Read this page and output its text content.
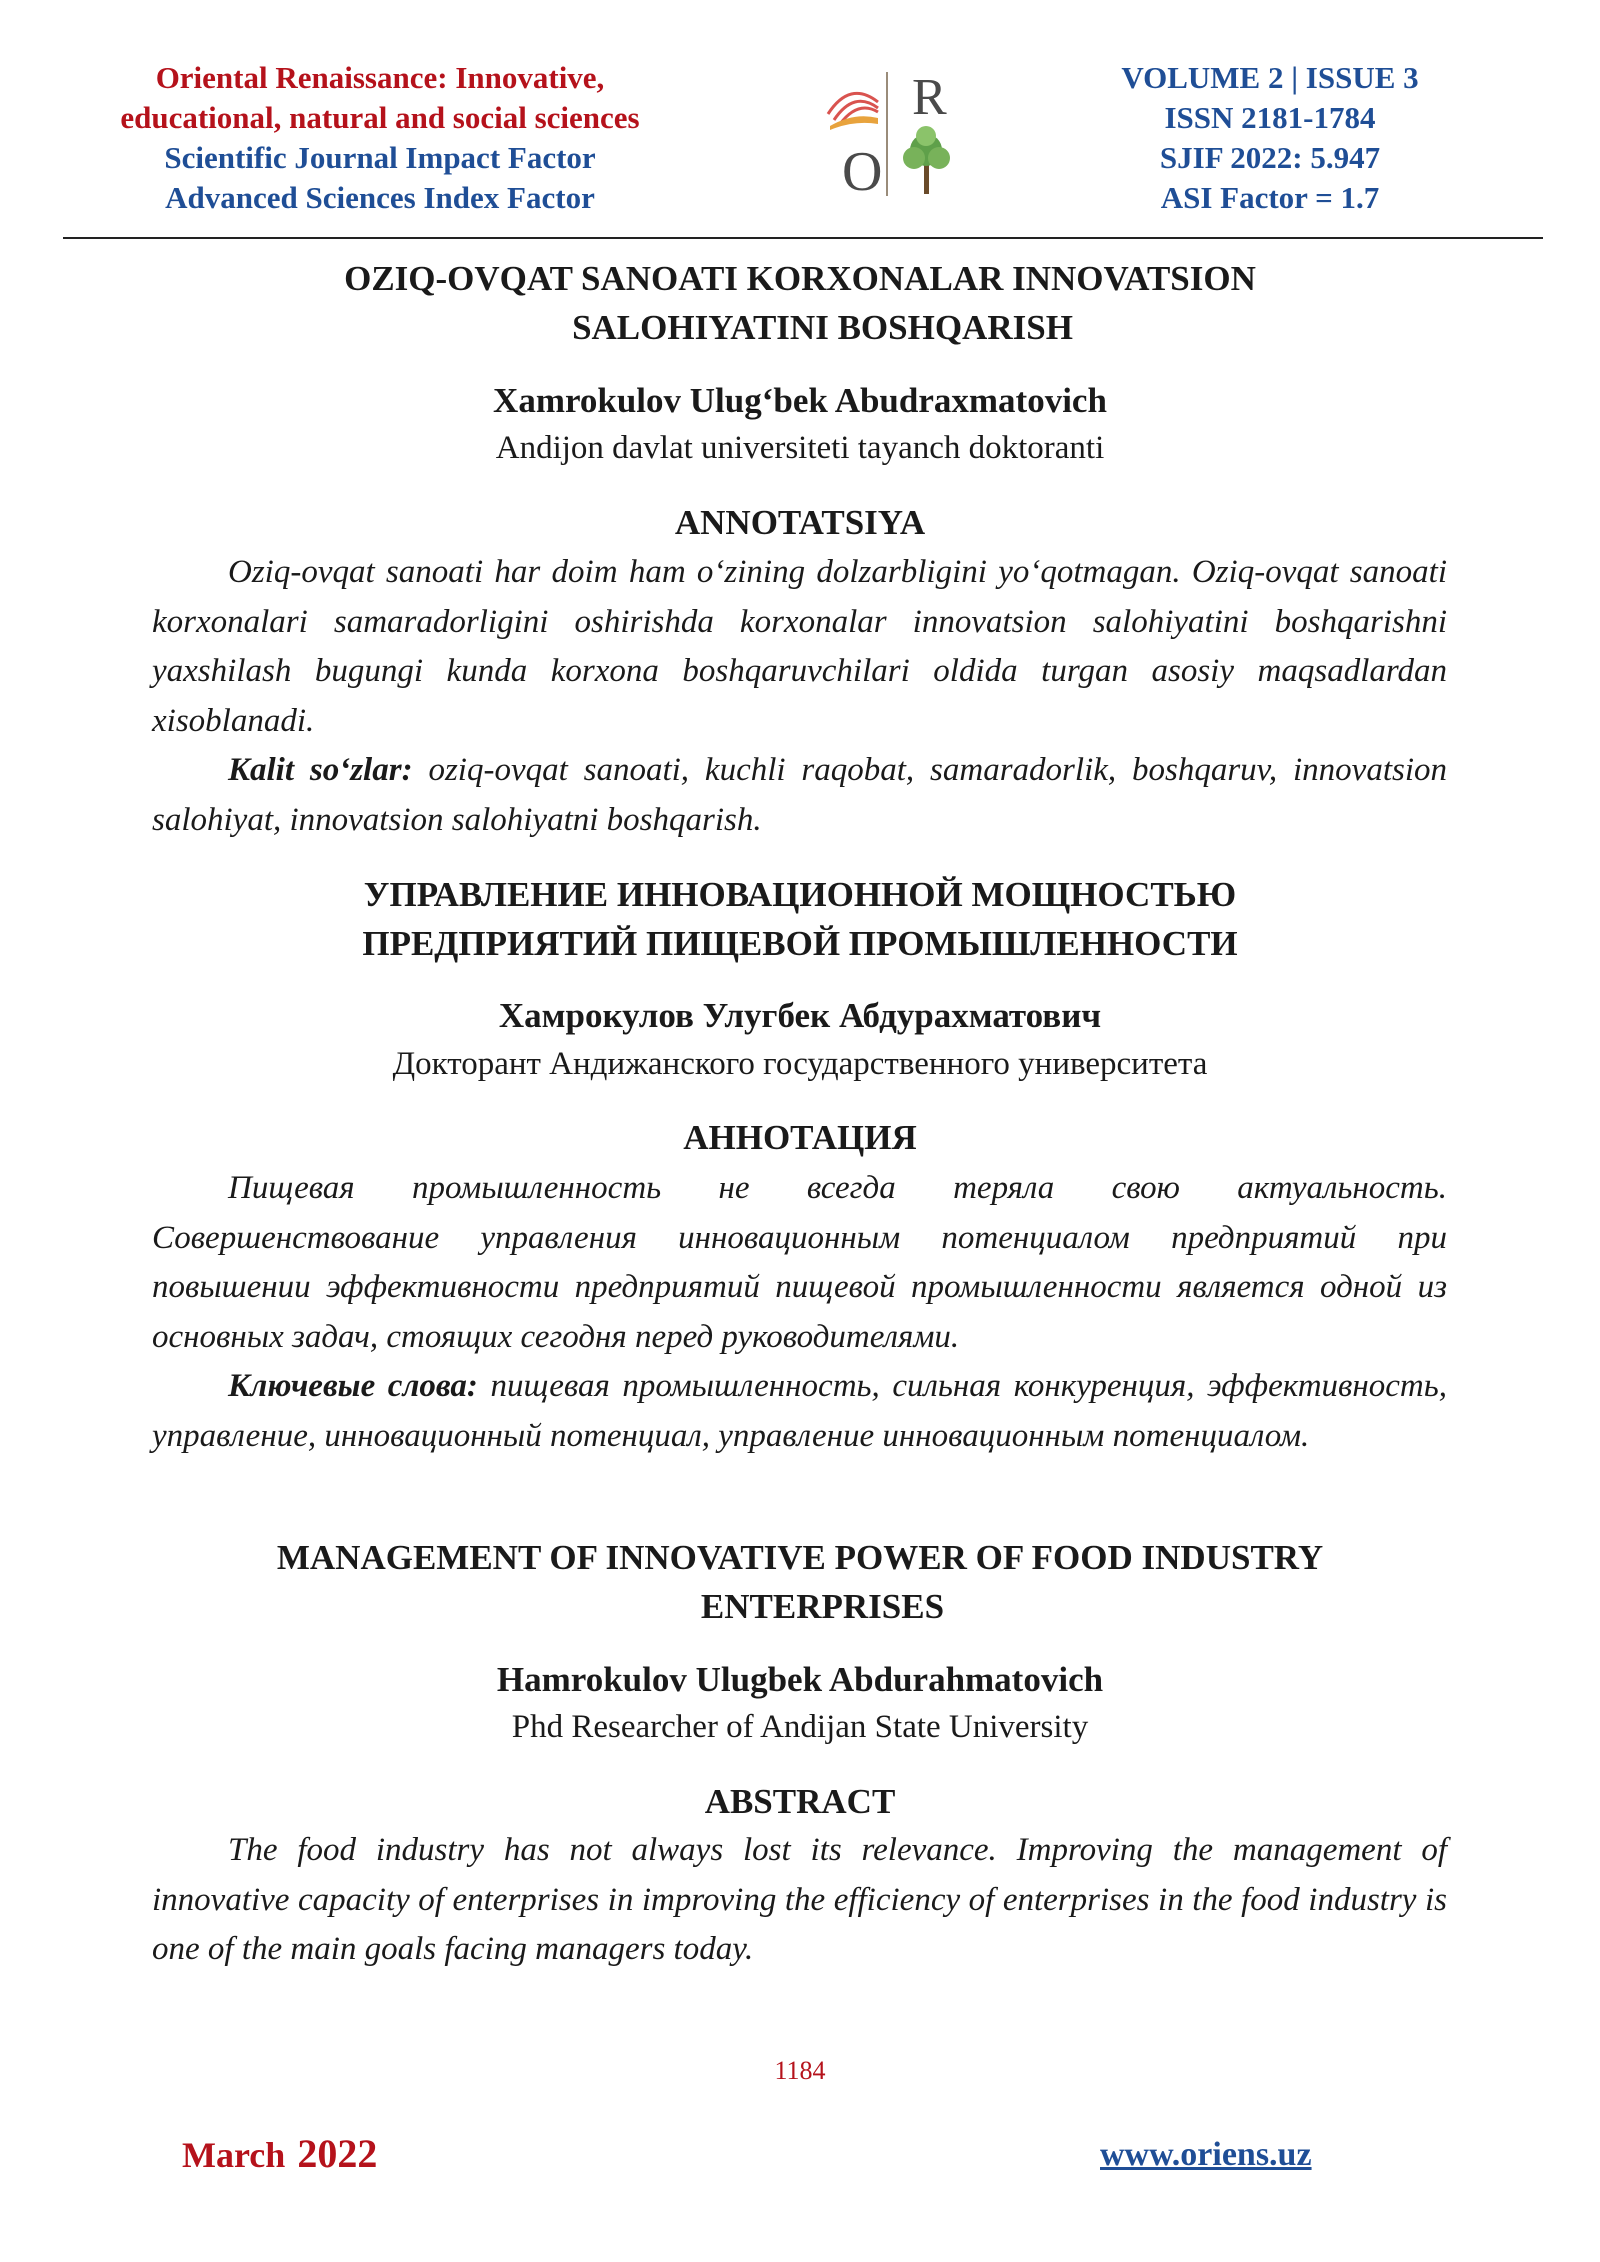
Oriental Renaissance: Innovative,
educational, natural and social sciences
Scientific Journal Impact Factor
Advanced Sciences Index Factor
R
O
VOLUME 2 | ISSUE 3
ISSN 2181-1784
SJIF 2022: 5.947
ASI Factor = 1.7
OZIQ-OVQAT SANOATI KORXONALAR INNOVATSION
SALOHIYATINI BOSHQARISH
Xamrokulov Ulug‘bek Abudraxmatovich
Andijon davlat universiteti tayanch doktoranti
ANNOTATSIYA

Oziq-ovqat sanoati har doim ham o‘zining dolzarbligini yo‘qotmagan. Oziq-ovqat sanoati korxonalari samaradorligini oshirishda korxonalar innovatsion salohiyatini boshqarishni yaxshilash bugungi kunda korxona boshqaruvchilari oldida turgan asosiy maqsadlardan xisoblanadi.

Kalit so‘zlar: oziq-ovqat sanoati, kuchli raqobat, samaradorlik, boshqaruv, innovatsion salohiyat, innovatsion salohiyatni boshqarish.

УПРАВЛЕНИЕ ИННОВАЦИОННОЙ МОЩНОСТЬЮ
ПРЕДПРИЯТИЙ ПИЩЕВОЙ ПРОМЫШЛЕННОСТИ
Хамрокулов Улугбек Абдурахматович
Докторант Андижанского государственного университета
АННОТАЦИЯ

Пищевая промышленность не всегда теряла свою актуальность. Совершенствование управления инновационным потенциалом предприятий при повышении эффективности предприятий пищевой промышленности является одной из основных задач, стоящих сегодня перед руководителями.

Ключевые слова: пищевая промышленность, сильная конкуренция, эффективность, управление, инновационный потенциал, управление инновационным потенциалом.

MANAGEMENT OF INNOVATIVE POWER OF FOOD INDUSTRY
ENTERPRISES
Hamrokulov Ulugbek Abdurahmatovich
Phd Researcher of Andijan State University
ABSTRACT

The food industry has not always lost its relevance. Improving the management of innovative capacity of enterprises in improving the efficiency of enterprises in the food industry is one of the main goals facing managers today.

1184
March 2022	www.oriens.uz
